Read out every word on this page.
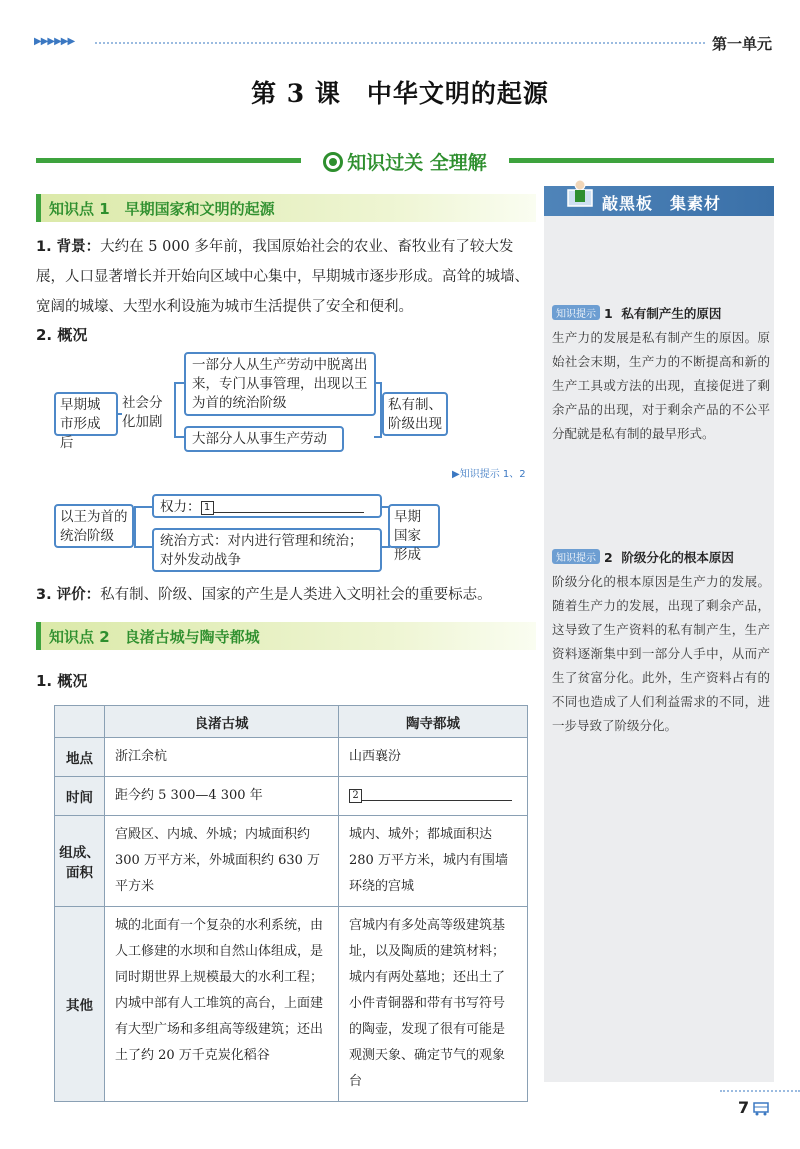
▶▶▶▶▶▶	第一单元
第 3 课　中华文明的起源
知识过关 全理解
知识点 1　早期国家和文明的起源
1. 背景：大约在 5 000 多年前，我国原始社会的农业、畜牧业有了较大发展，人口显著增长并开始向区域中心集中，早期城市逐步形成。高耸的城墙、宽阔的城壕、大型水利设施为城市生活提供了安全和便利。
2. 概况
早期城市形成后
社会分化加剧
一部分人从生产劳动中脱离出来，专门从事管理，出现以王为首的统治阶级
大部分人从事生产劳动
私有制、阶级出现
▶知识提示 1、2
以王为首的统治阶级
权力： 1
统治方式：对内进行管理和统治；对外发动战争
早期国家形成
3. 评价：私有制、阶级、国家的产生是人类进入文明社会的重要标志。
知识点 2　良渚古城与陶寺都城
1. 概况
	良渚古城	陶寺都城
地点	浙江余杭	山西襄汾
时间	距今约 5 300—4 300 年	2
组成、面积	宫殿区、内城、外城；内城面积约 300 万平方米，外城面积约 630 万平方米	城内、城外；都城面积达 280 万平方米，城内有围墙环绕的宫城
其他	城的北面有一个复杂的水利系统，由人工修建的水坝和自然山体组成，是同时期世界上规模最大的水利工程；内城中部有人工堆筑的高台，上面建有大型广场和多组高等级建筑；还出土了约 20 万千克炭化稻谷	宫城内有多处高等级建筑基址，以及陶质的建筑材料；城内有两处墓地；还出土了小件青铜器和带有书写符号的陶壶，发现了很有可能是观测天象、确定节气的观象台
敲黑板　集素材
知识提示 1 私有制产生的原因
生产力的发展是私有制产生的原因。原始社会末期，生产力的不断提高和新的生产工具或方法的出现，直接促进了剩余产品的出现，对于剩余产品的不公平分配就是私有制的最早形式。
知识提示 2 阶级分化的根本原因
阶级分化的根本原因是生产力的发展。随着生产力的发展，出现了剩余产品，这导致了生产资料的私有制产生，生产资料逐渐集中到一部分人手中，从而产生了贫富分化。此外，生产资料占有的不同也造成了人们利益需求的不同，进一步导致了阶级分化。
7
